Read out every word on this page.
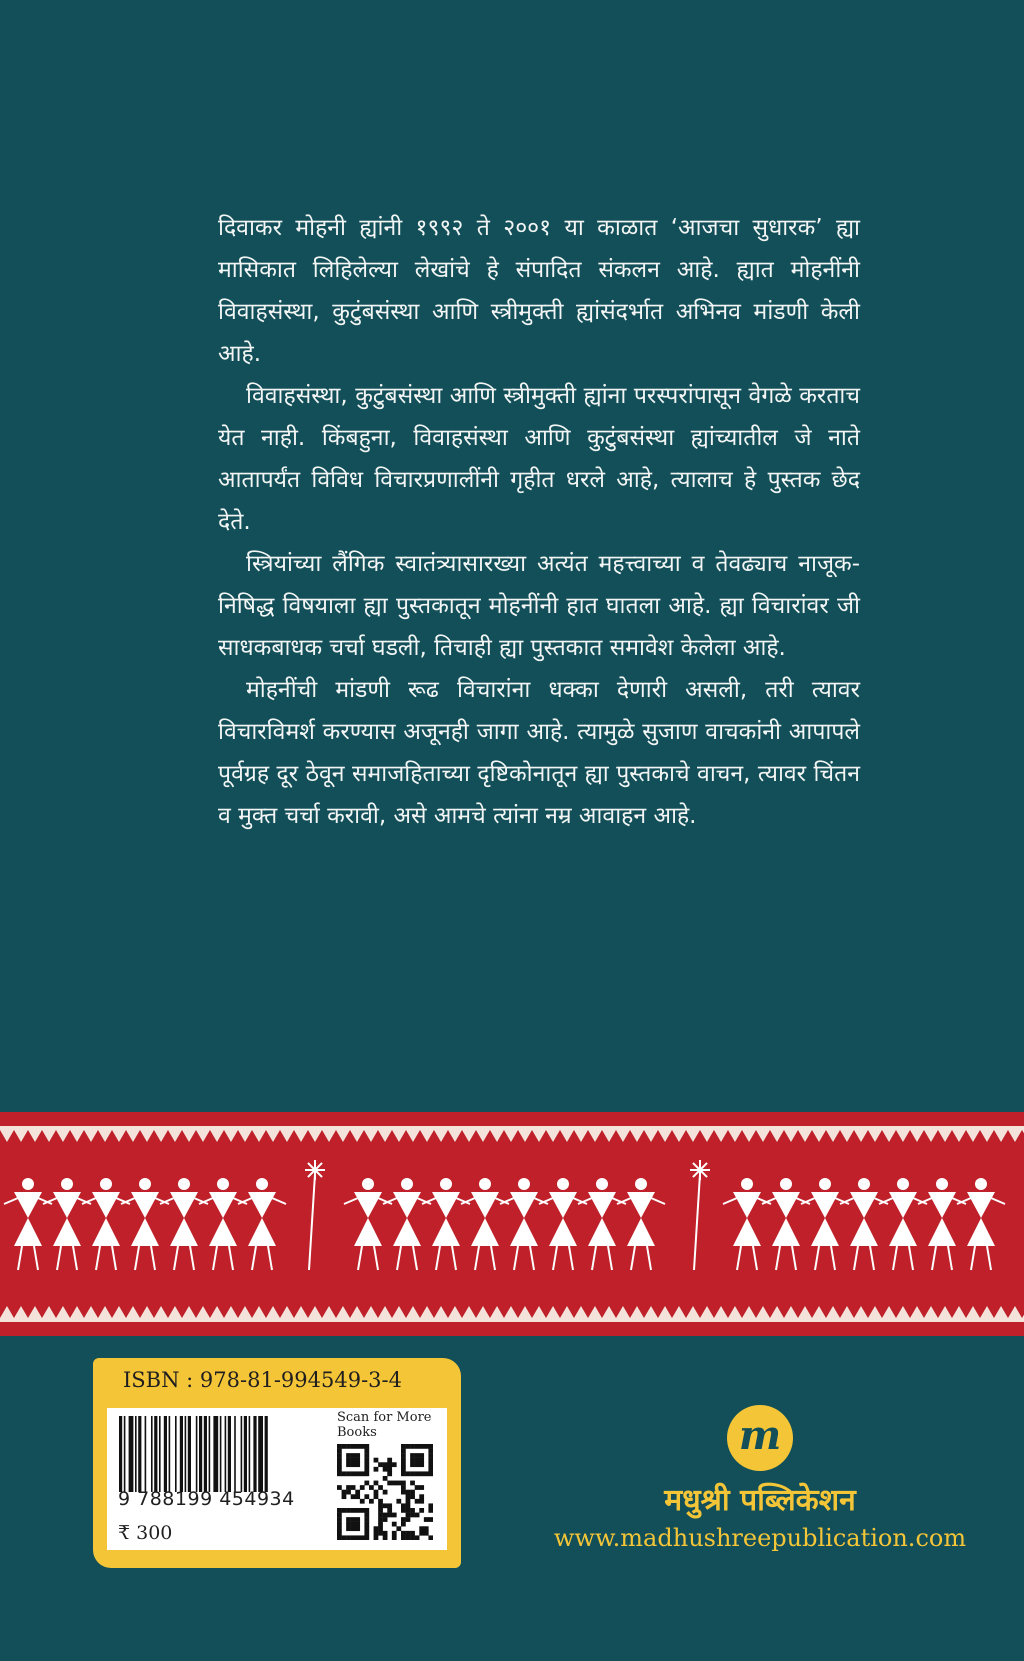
दिवाकर मोहनी ह्यांनी १९९२ ते २००१ या काळात ‘आजचा सुधारक’ ह्या मासिकात लिहिलेल्या लेखांचे हे संपादित संकलन आहे. ह्यात मोहनींनी विवाहसंस्था, कुटुंबसंस्था आणि स्त्रीमुक्ती ह्यांसंदर्भात अभिनव मांडणी केली आहे.

विवाहसंस्था, कुटुंबसंस्था आणि स्त्रीमुक्ती ह्यांना परस्परांपासून वेगळे करताच येत नाही. किंबहुना, विवाहसंस्था आणि कुटुंबसंस्था ह्यांच्यातील जे नाते आतापर्यंत विविध विचारप्रणालींनी गृहीत धरले आहे, त्यालाच हे पुस्तक छेद देते.

स्त्रियांच्या लैंगिक स्वातंत्र्यासारख्या अत्यंत महत्त्वाच्या व तेवढ्याच नाजूक-निषिद्ध विषयाला ह्या पुस्तकातून मोहनींनी हात घातला आहे. ह्या विचारांवर जी साधकबाधक चर्चा घडली, तिचाही ह्या पुस्तकात समावेश केलेला आहे.

मोहनींची मांडणी रूढ विचारांना धक्का देणारी असली, तरी त्यावर विचारविमर्श करण्यास अजूनही जागा आहे. त्यामुळे सुजाण वाचकांनी आपापले पूर्वग्रह दूर ठेवून समाजहिताच्या दृष्टिकोनातून ह्या पुस्तकाचे वाचन, त्यावर चिंतन व मुक्त चर्चा करावी, असे आमचे त्यांना नम्र आवाहन आहे.

ISBN : 978-81-994549-3-4
9 788199 454934
₹ 300
Scan for More Books	m
मधुश्री पब्लिकेशन
www.madhushreepublication.com
